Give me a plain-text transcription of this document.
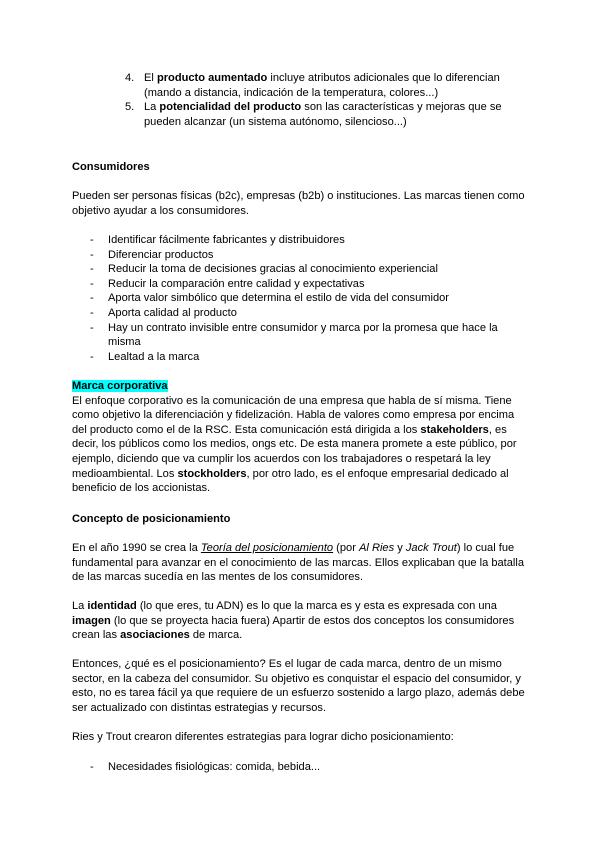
4. El producto aumentado incluye atributos adicionales que lo diferencian (mando a distancia, indicación de la temperatura, colores...)
5. La potencialidad del producto son las características y mejoras que se pueden alcanzar (un sistema autónomo, silencioso...)
Consumidores

Pueden ser personas físicas (b2c), empresas (b2b) o instituciones. Las marcas tienen como objetivo ayudar a los consumidores.

- Identificar fácilmente fabricantes y distribuidores
- Diferenciar productos
- Reducir la toma de decisiones gracias al conocimiento experiencial
- Reducir la comparación entre calidad y expectativas
- Aporta valor simbólico que determina el estilo de vida del consumidor
- Aporta calidad al producto
- Hay un contrato invisible entre consumidor y marca por la promesa que hace la misma
- Lealtad a la marca
Marca corporativa

El enfoque corporativo es la comunicación de una empresa que habla de sí misma. Tiene como objetivo la diferenciación y fidelización. Habla de valores como empresa por encima del producto como el de la RSC. Esta comunicación está dirigida a los stakeholders, es decir, los públicos como los medios, ongs etc. De esta manera promete a este público, por ejemplo, diciendo que va cumplir los acuerdos con los trabajadores o respetará la ley medioambiental. Los stockholders, por otro lado, es el enfoque empresarial dedicado al beneficio de los accionistas.

Concepto de posicionamiento

En el año 1990 se crea la Teoría del posicionamiento (por Al Ries y Jack Trout) lo cual fue fundamental para avanzar en el conocimiento de las marcas. Ellos explicaban que la batalla de las marcas sucedía en las mentes de los consumidores.

La identidad (lo que eres, tu ADN) es lo que la marca es y esta es expresada con una imagen (lo que se proyecta hacia fuera) Apartir de estos dos conceptos los consumidores crean las asociaciones de marca.

Entonces, ¿qué es el posicionamiento? Es el lugar de cada marca, dentro de un mismo sector, en la cabeza del consumidor. Su objetivo es conquistar el espacio del consumidor, y esto, no es tarea fácil ya que requiere de un esfuerzo sostenido a largo plazo, además debe ser actualizado con distintas estrategias y recursos.

Ries y Trout crearon diferentes estrategias para lograr dicho posicionamiento:

- Necesidades fisiológicas: comida, bebida...
